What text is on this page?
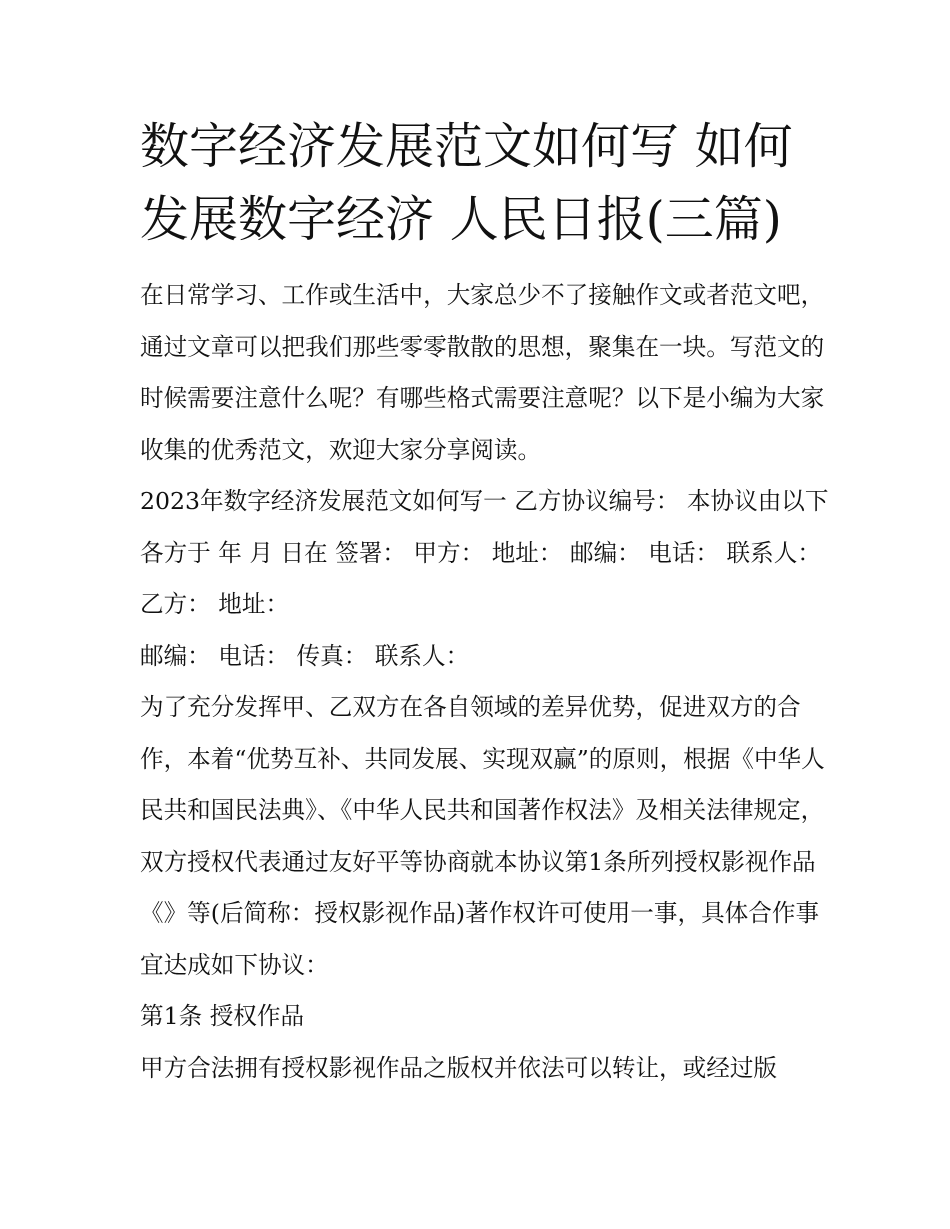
数字经济发展范文如何写 如何发展数字经济 人民日报(三篇)

在日常学习、工作或生活中，大家总少不了接触作文或者范文吧，通过文章可以把我们那些零零散散的思想，聚集在一块。写范文的时候需要注意什么呢？有哪些格式需要注意呢？以下是小编为大家收集的优秀范文，欢迎大家分享阅读。

2023年数字经济发展范文如何写一 乙方协议编号： 本协议由以下各方于 年 月 日在 签署： 甲方： 地址： 邮编： 电话： 联系人： 乙方： 地址：

邮编： 电话： 传真： 联系人：

为了充分发挥甲、乙双方在各自领域的差异优势，促进双方的合作，本着“优势互补、共同发展、实现双赢”的原则，根据《中华人民共和国民法典》、《中华人民共和国著作权法》及相关法律规定，双方授权代表通过友好平等协商就本协议第1条所列授权影视作品《》等(后简称：授权影视作品)著作权许可使用一事，具体合作事宜达成如下协议：

第1条 授权作品

甲方合法拥有授权影视作品之版权并依法可以转让，或经过版
